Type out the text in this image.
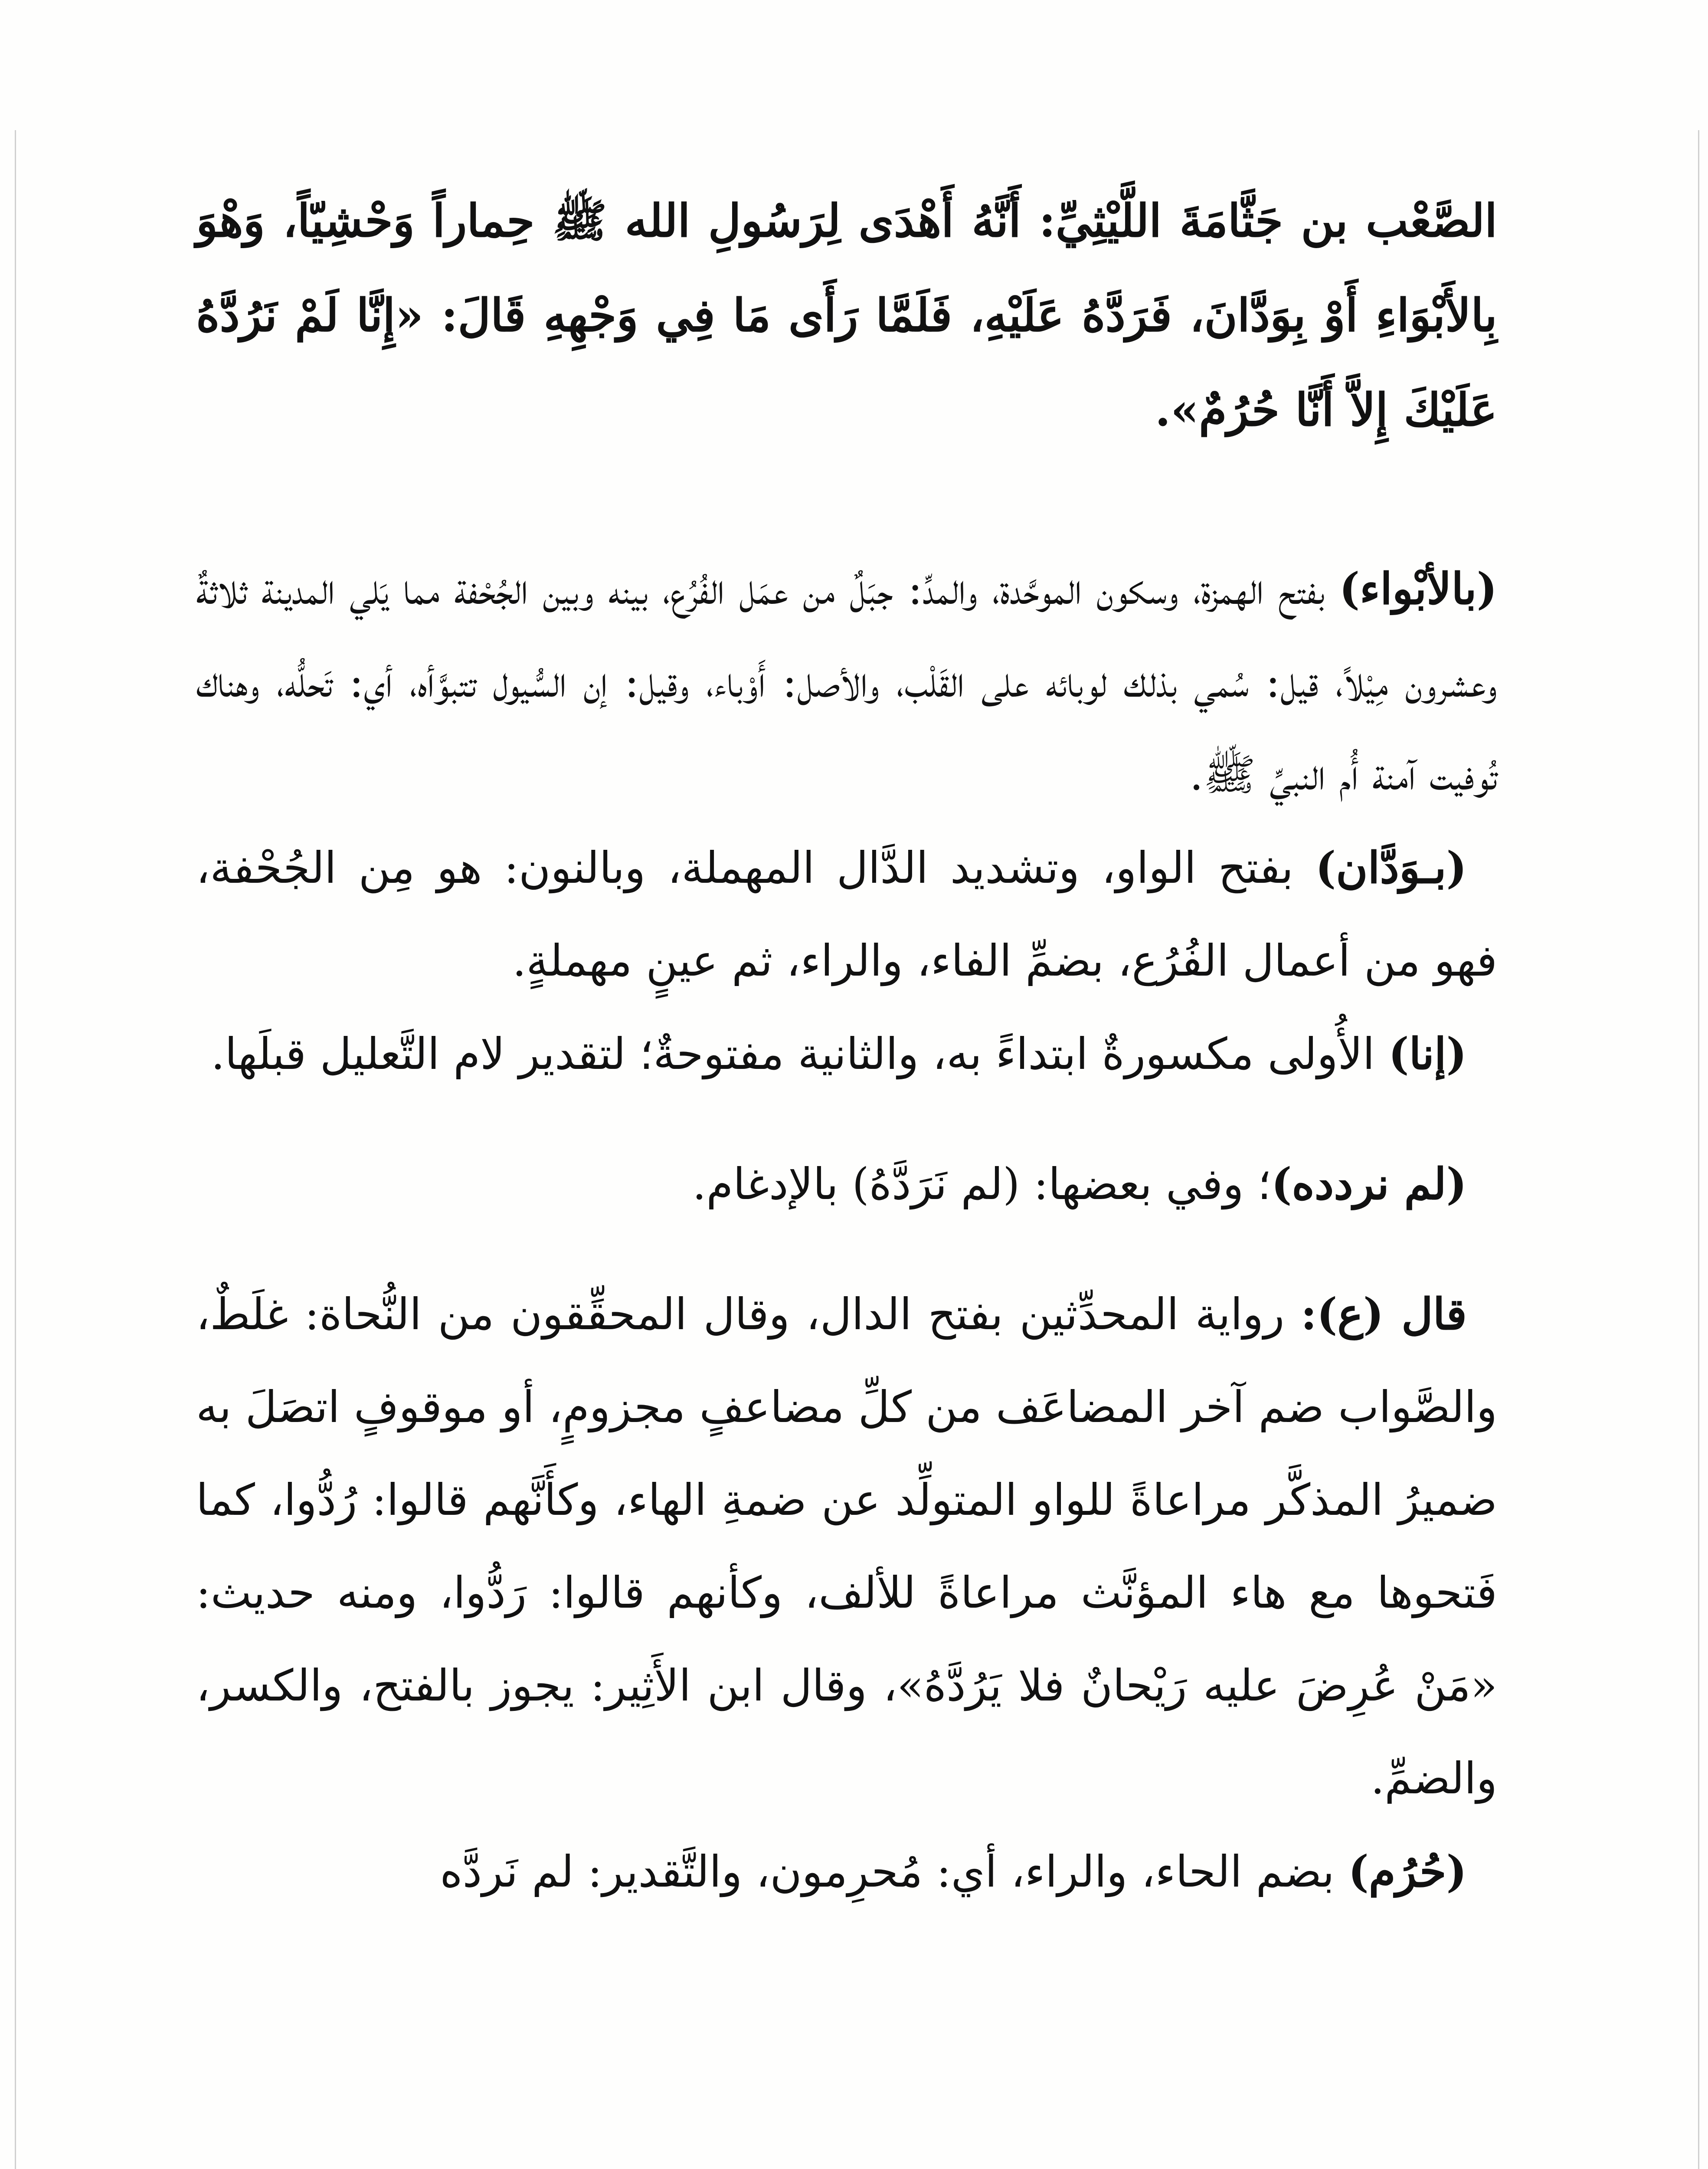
الصَّعْب بن جَثَّامَةَ اللَّيْثِيِّ: أَنَّهُ أَهْدَى لِرَسُولِ الله ﷺ حِماراً وَحْشِيّاً، وَهْوَ بِالأَبْوَاءِ أَوْ بِوَدَّانَ، فَرَدَّهُ عَلَيْهِ، فَلَمَّا رَأَى مَا فِي وَجْهِهِ قَالَ: «إِنَّا لَمْ نَرُدَّهُ عَلَيْكَ إِلاَّ أَنَّا حُرُمٌ».

(بالأبْواء) بفتح الهمزة، وسكون الموحَّدة، والمدِّ: جبَلٌ من عمَل الفُرُع، بينه وبين الجُحْفة مما يَلي المدينة ثلاثةٌ وعشرون مِيْلاً، قيل: سُمي بذلك لوبائه على القَلْب، والأصل: أَوْباء، وقيل: إن السُّيول تتبوَّأه، أي: تَحلُّه، وهناك تُوفيت آمنة أُم النبيِّ ﷺ.

(بـوَدَّان) بفتح الواو، وتشديد الدَّال المهملة، وبالنون: هو مِن الجُحْفة، فهو من أعمال الفُرُع، بضمِّ الفاء، والراء، ثم عينٍ مهملةٍ.

(إنا) الأُولى مكسورةٌ ابتداءً به، والثانية مفتوحةٌ؛ لتقدير لام التَّعليل قبلَها.

(لم نردده)؛ وفي بعضها: (لم نَرَدَّهُ) بالإدغام.

قال (ع): رواية المحدِّثين بفتح الدال، وقال المحقِّقون من النُّحاة: غلَطٌ، والصَّواب ضم آخر المضاعَف من كلِّ مضاعفٍ مجزومٍ، أو موقوفٍ اتصَلَ به ضميرُ المذكَّر مراعاةً للواو المتولِّد عن ضمةِ الهاء، وكأَنَّهم قالوا: رُدُّوا، كما فَتحوها مع هاء المؤنَّث مراعاةً للألف، وكأنهم قالوا: رَدُّوا، ومنه حديث: «مَنْ عُرِضَ عليه رَيْحانٌ فلا يَرُدَّهُ»، وقال ابن الأَثِير: يجوز بالفتح، والكسر، والضمِّ.

(حُرُم) بضم الحاء، والراء، أي: مُحرِمون، والتَّقدير: لم نَردَّه
